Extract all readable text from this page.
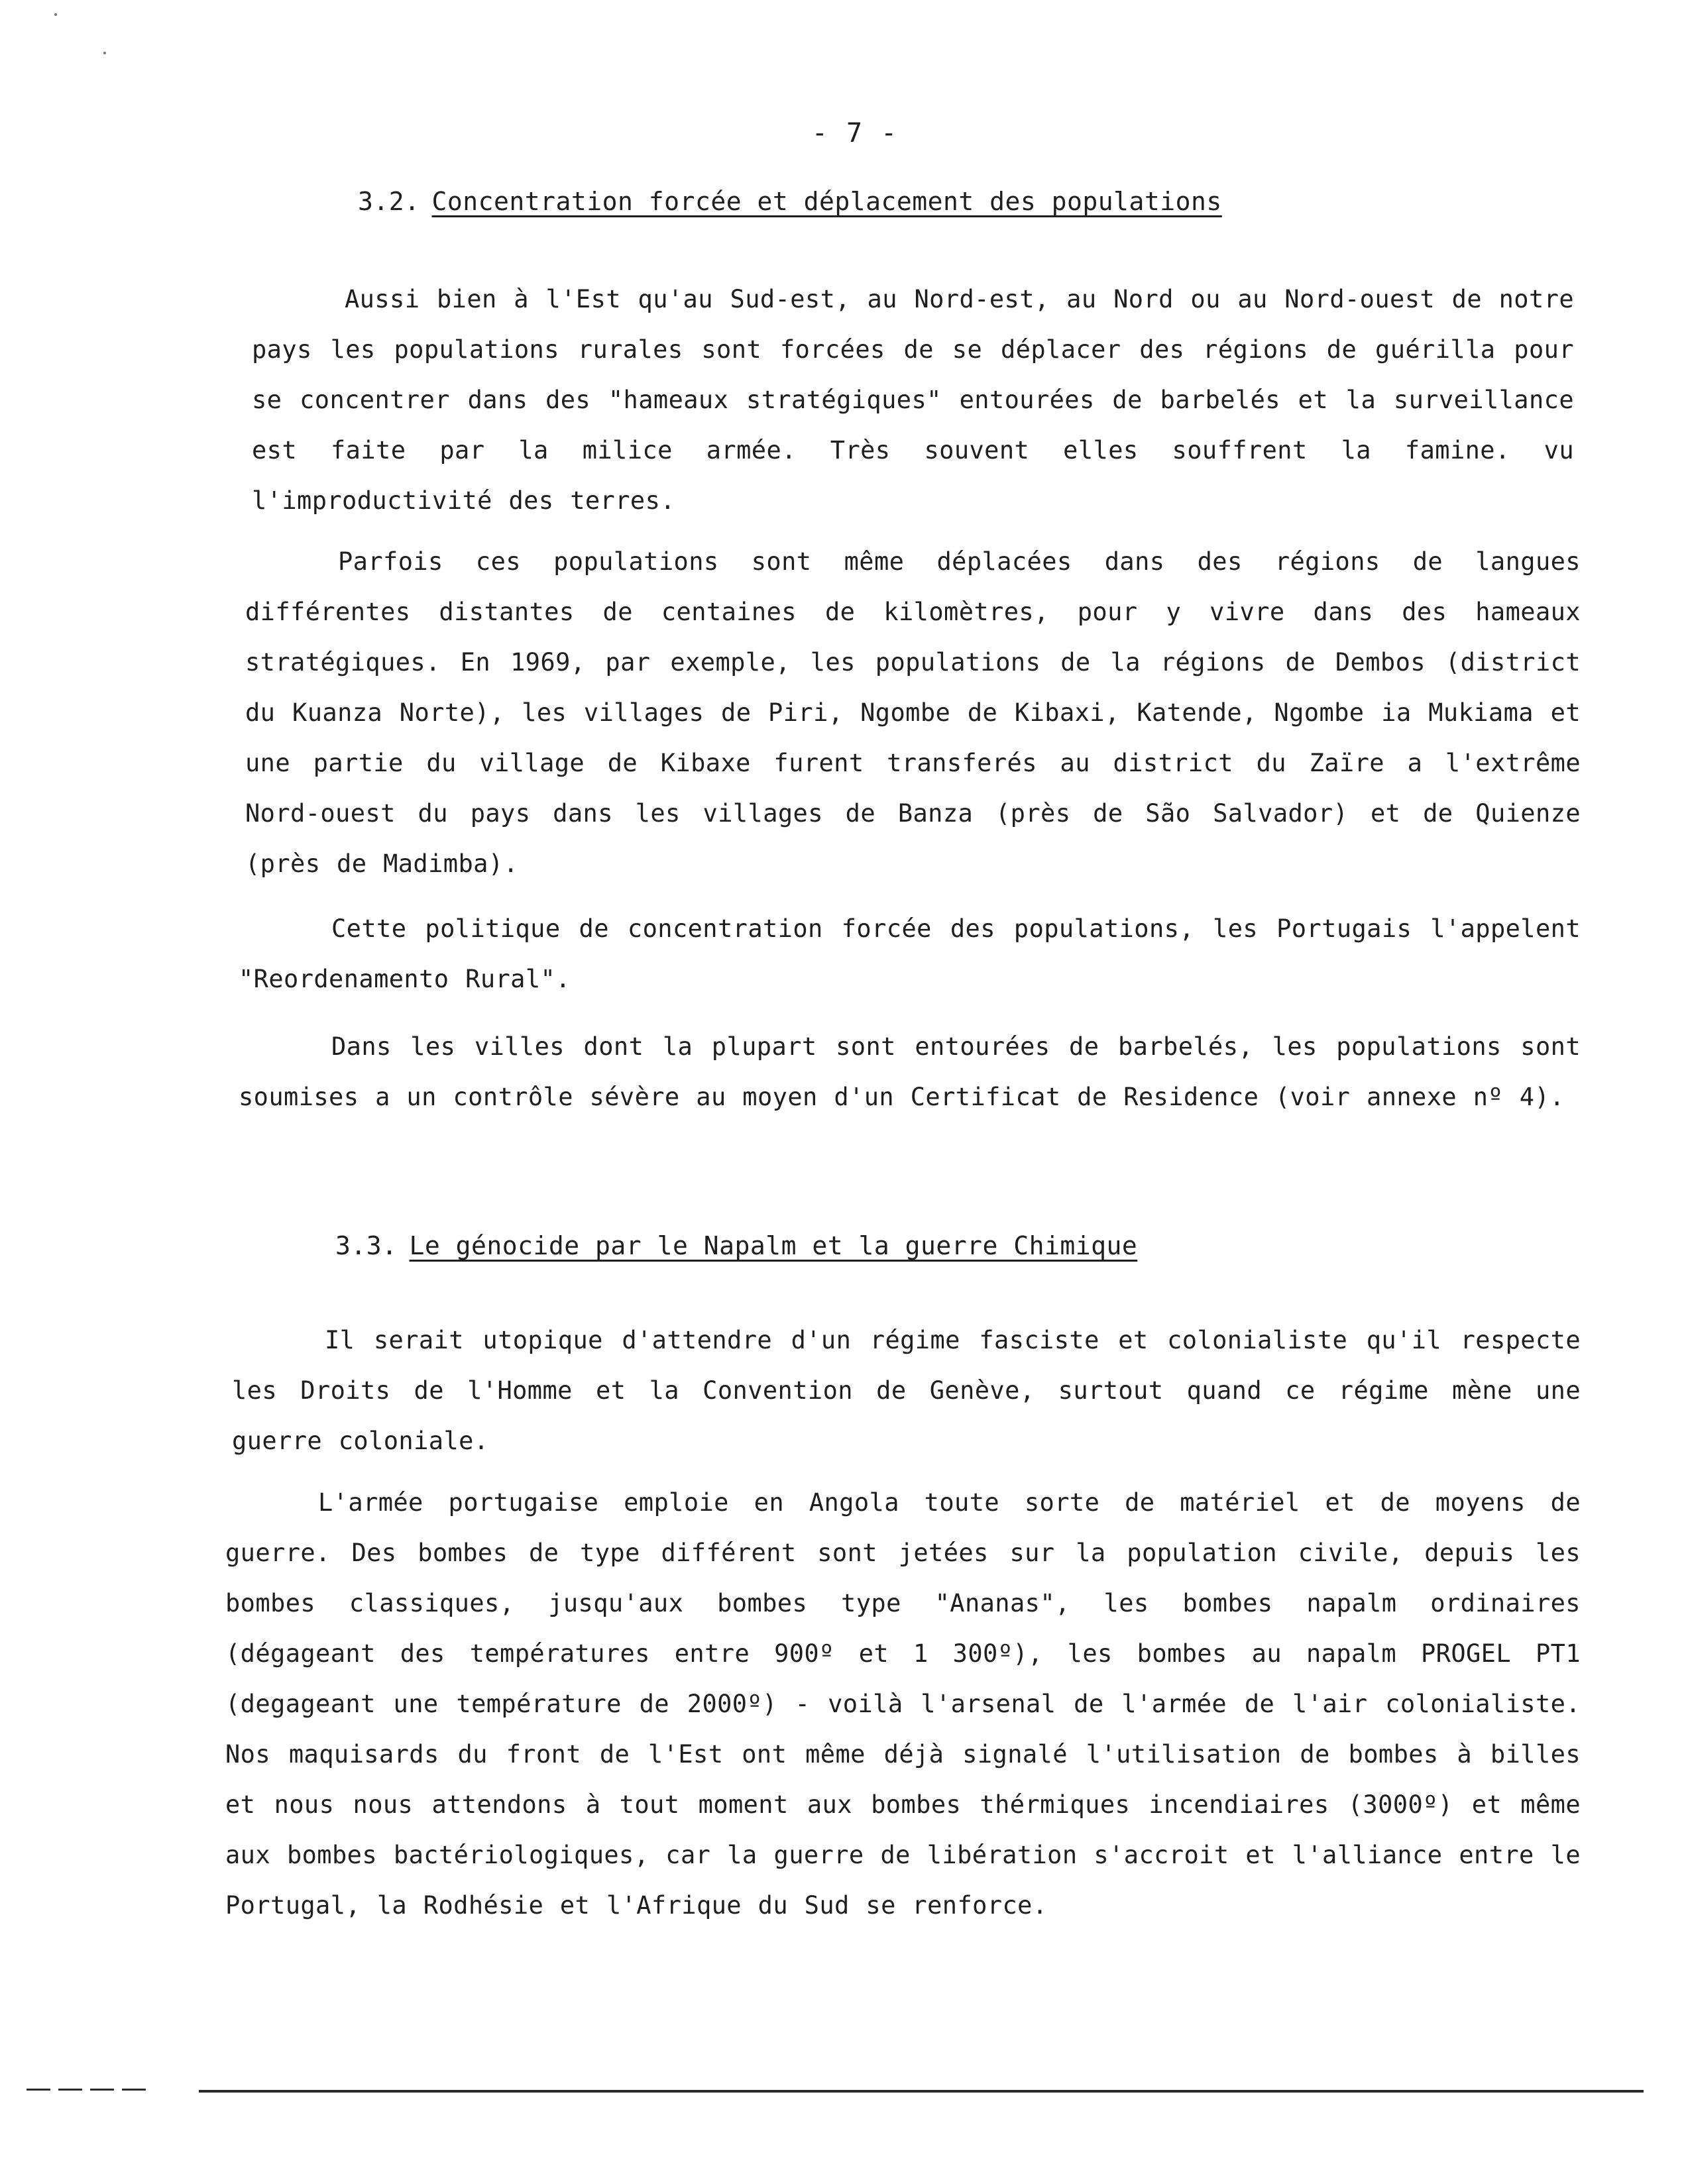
- 7 -
3.2. Concentration forcée et déplacement des populations

Aussi bien à l'Est qu'au Sud-est, au Nord-est, au Nord ou au Nord-ouest de notre pays les populations rurales sont forcées de se déplacer des régions de guérilla pour se concentrer dans des "hameaux stratégiques" entourées de barbelés et la surveillance est faite par la milice armée. Très souvent elles souffrent la famine. vu l'improductivité des terres.

Parfois ces populations sont même déplacées dans des régions de langues différentes distantes de centaines de kilomètres, pour y vivre dans des hameaux stratégiques. En 1969, par exemple, les populations de la régions de Dembos (district du Kuanza Norte), les villages de Piri, Ngombe de Kibaxi, Katende, Ngombe ia Mukiama et une partie du village de Kibaxe furent transferés au district du Zaïre a l'extrême Nord-ouest du pays dans les villages de Banza (près de São Salvador) et de Quienze (près de Madimba).

Cette politique de concentration forcée des populations, les Portugais l'appelent "Reordenamento Rural".

Dans les villes dont la plupart sont entourées de barbelés, les populations sont soumises a un contrôle sévère au moyen d'un Certificat de Residence (voir annexe nº 4).

3.3. Le génocide par le Napalm et la guerre Chimique

Il serait utopique d'attendre d'un régime fasciste et colonialiste qu'il respecte les Droits de l'Homme et la Convention de Genève, surtout quand ce régime mène une guerre coloniale.

L'armée portugaise emploie en Angola toute sorte de matériel et de moyens de guerre. Des bombes de type différent sont jetées sur la population civile, depuis les bombes classiques, jusqu'aux bombes type "Ananas", les bombes napalm ordinaires (dégageant des températures entre 900º et 1 300º), les bombes au napalm PROGEL PT1 (degageant une température de 2000º) - voilà l'arsenal de l'armée de l'air colonialiste. Nos maquisards du front de l'Est ont même déjà signalé l'utilisation de bombes à billes et nous nous attendons à tout moment aux bombes thérmiques incendiaires (3000º) et même aux bombes bactériologiques, car la guerre de libération s'accroit et l'alliance entre le Portugal, la Rodhésie et l'Afrique du Sud se renforce.
